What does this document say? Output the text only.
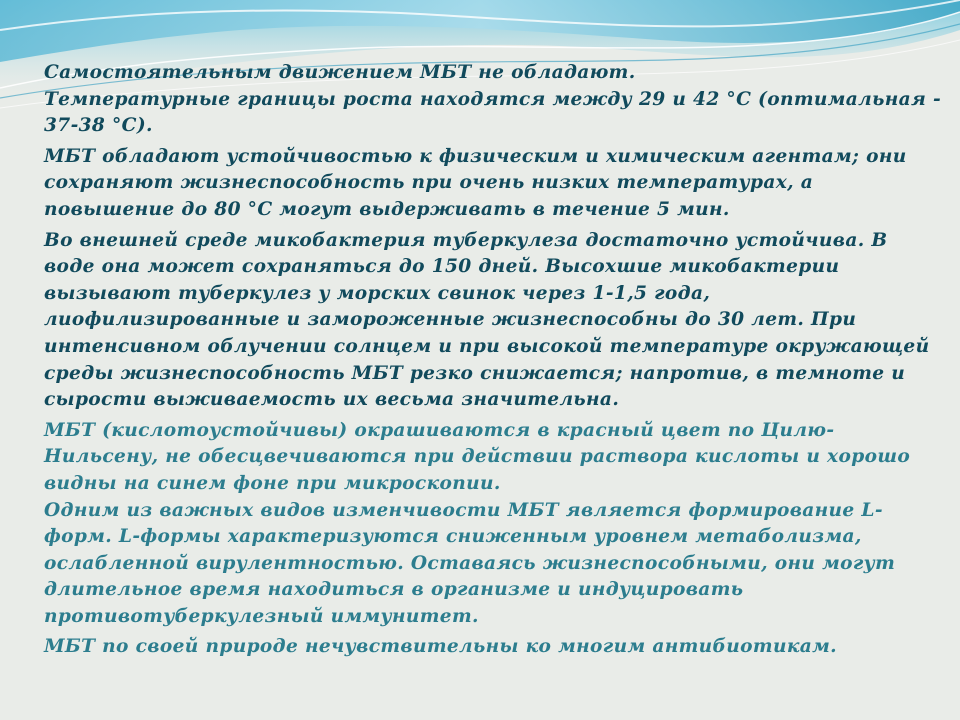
Самостоятельным движением МБТ не обладают.

Температурные границы роста находятся между 29 и 42 °С (оптимальная - 37-38 °С).

МБТ обладают устойчивостью к физическим и химическим агентам; они сохраняют жизнеспособность при очень низких температурах, а повышение до 80 °С могут выдерживать в течение 5 мин.

Во внешней среде микобактерия туберкулеза достаточно устойчива. В воде она может сохраняться до 150 дней. Высохшие микобактерии вызывают туберкулез у морских свинок через 1-1,5 года, лиофилизированные и замороженные жизнеспособны до 30 лет. При интенсивном облучении солнцем и при высокой температуре окружающей среды жизнеспособность МБТ резко снижается; напротив, в темноте и сырости выживаемость их весьма значительна.

МБТ (кислотоустойчивы) окрашиваются в красный цвет по Цилю-Нильсену, не обесцвечиваются при действии раствора кислоты и хорошо видны на синем фоне при микроскопии.

Одним из важных видов изменчивости МБТ является формирование L-форм. L-формы характеризуются сниженным уровнем метаболизма, ослабленной вирулентностью. Оставаясь жизнеспособными, они могут длительное время находиться в организме и индуцировать противотуберкулезный иммунитет.

МБТ по своей природе нечувствительны ко многим антибиотикам.
